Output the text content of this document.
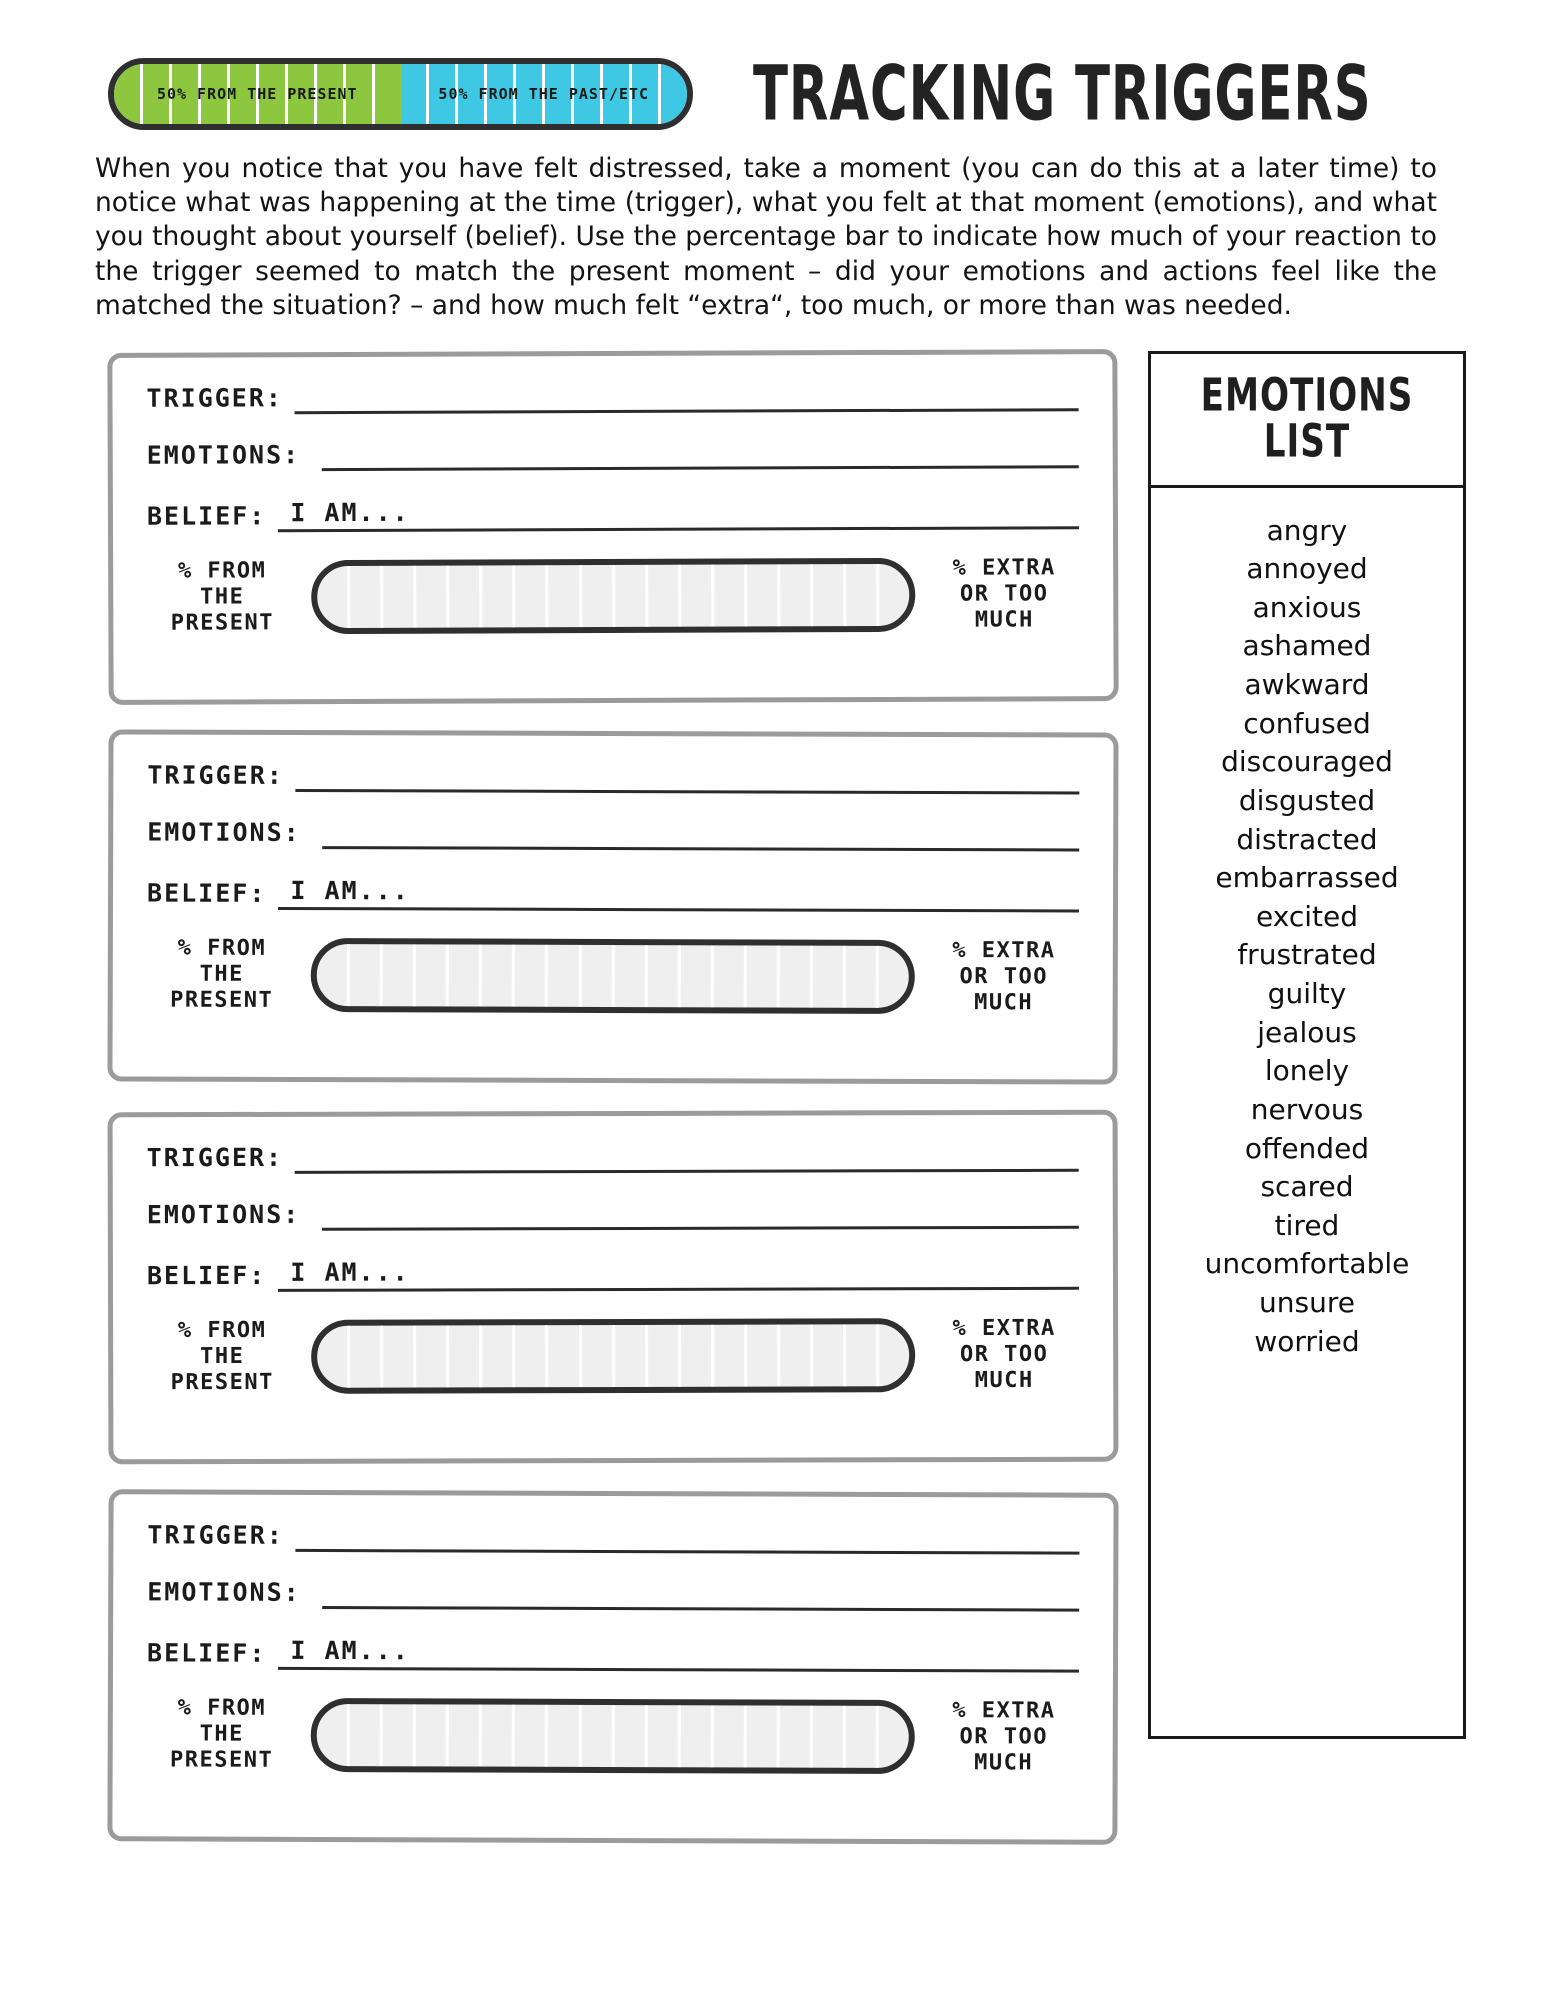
50% FROM THE PRESENT	50% FROM THE PAST/ETC TRACKING TRIGGERS
When you notice that you have felt distressed, take a moment (you can do this at a later time) to notice what was happening at the time (trigger), what you felt at that moment (emotions), and what you thought about yourself (belief). Use the percentage bar to indicate how much of your reaction to the trigger seemed to match the present moment – did your emotions and actions feel like the matched the situation? – and how much felt “extra“, too much, or more than was needed.
TRIGGER:
EMOTIONS:
BELIEF: I AM...
% FROM
THE
PRESENT
% EXTRA
OR TOO
MUCH
TRIGGER:
EMOTIONS:
BELIEF: I AM...
% FROM
THE
PRESENT
% EXTRA
OR TOO
MUCH
TRIGGER:
EMOTIONS:
BELIEF: I AM...
% FROM
THE
PRESENT
% EXTRA
OR TOO
MUCH
TRIGGER:
EMOTIONS:
BELIEF: I AM...
% FROM
THE
PRESENT
% EXTRA
OR TOO
MUCH
EMOTIONS
LIST
angry
annoyed
anxious
ashamed
awkward
confused
discouraged
disgusted
distracted
embarrassed
excited
frustrated
guilty
jealous
lonely
nervous
offended
scared
tired
uncomfortable
unsure
worried
